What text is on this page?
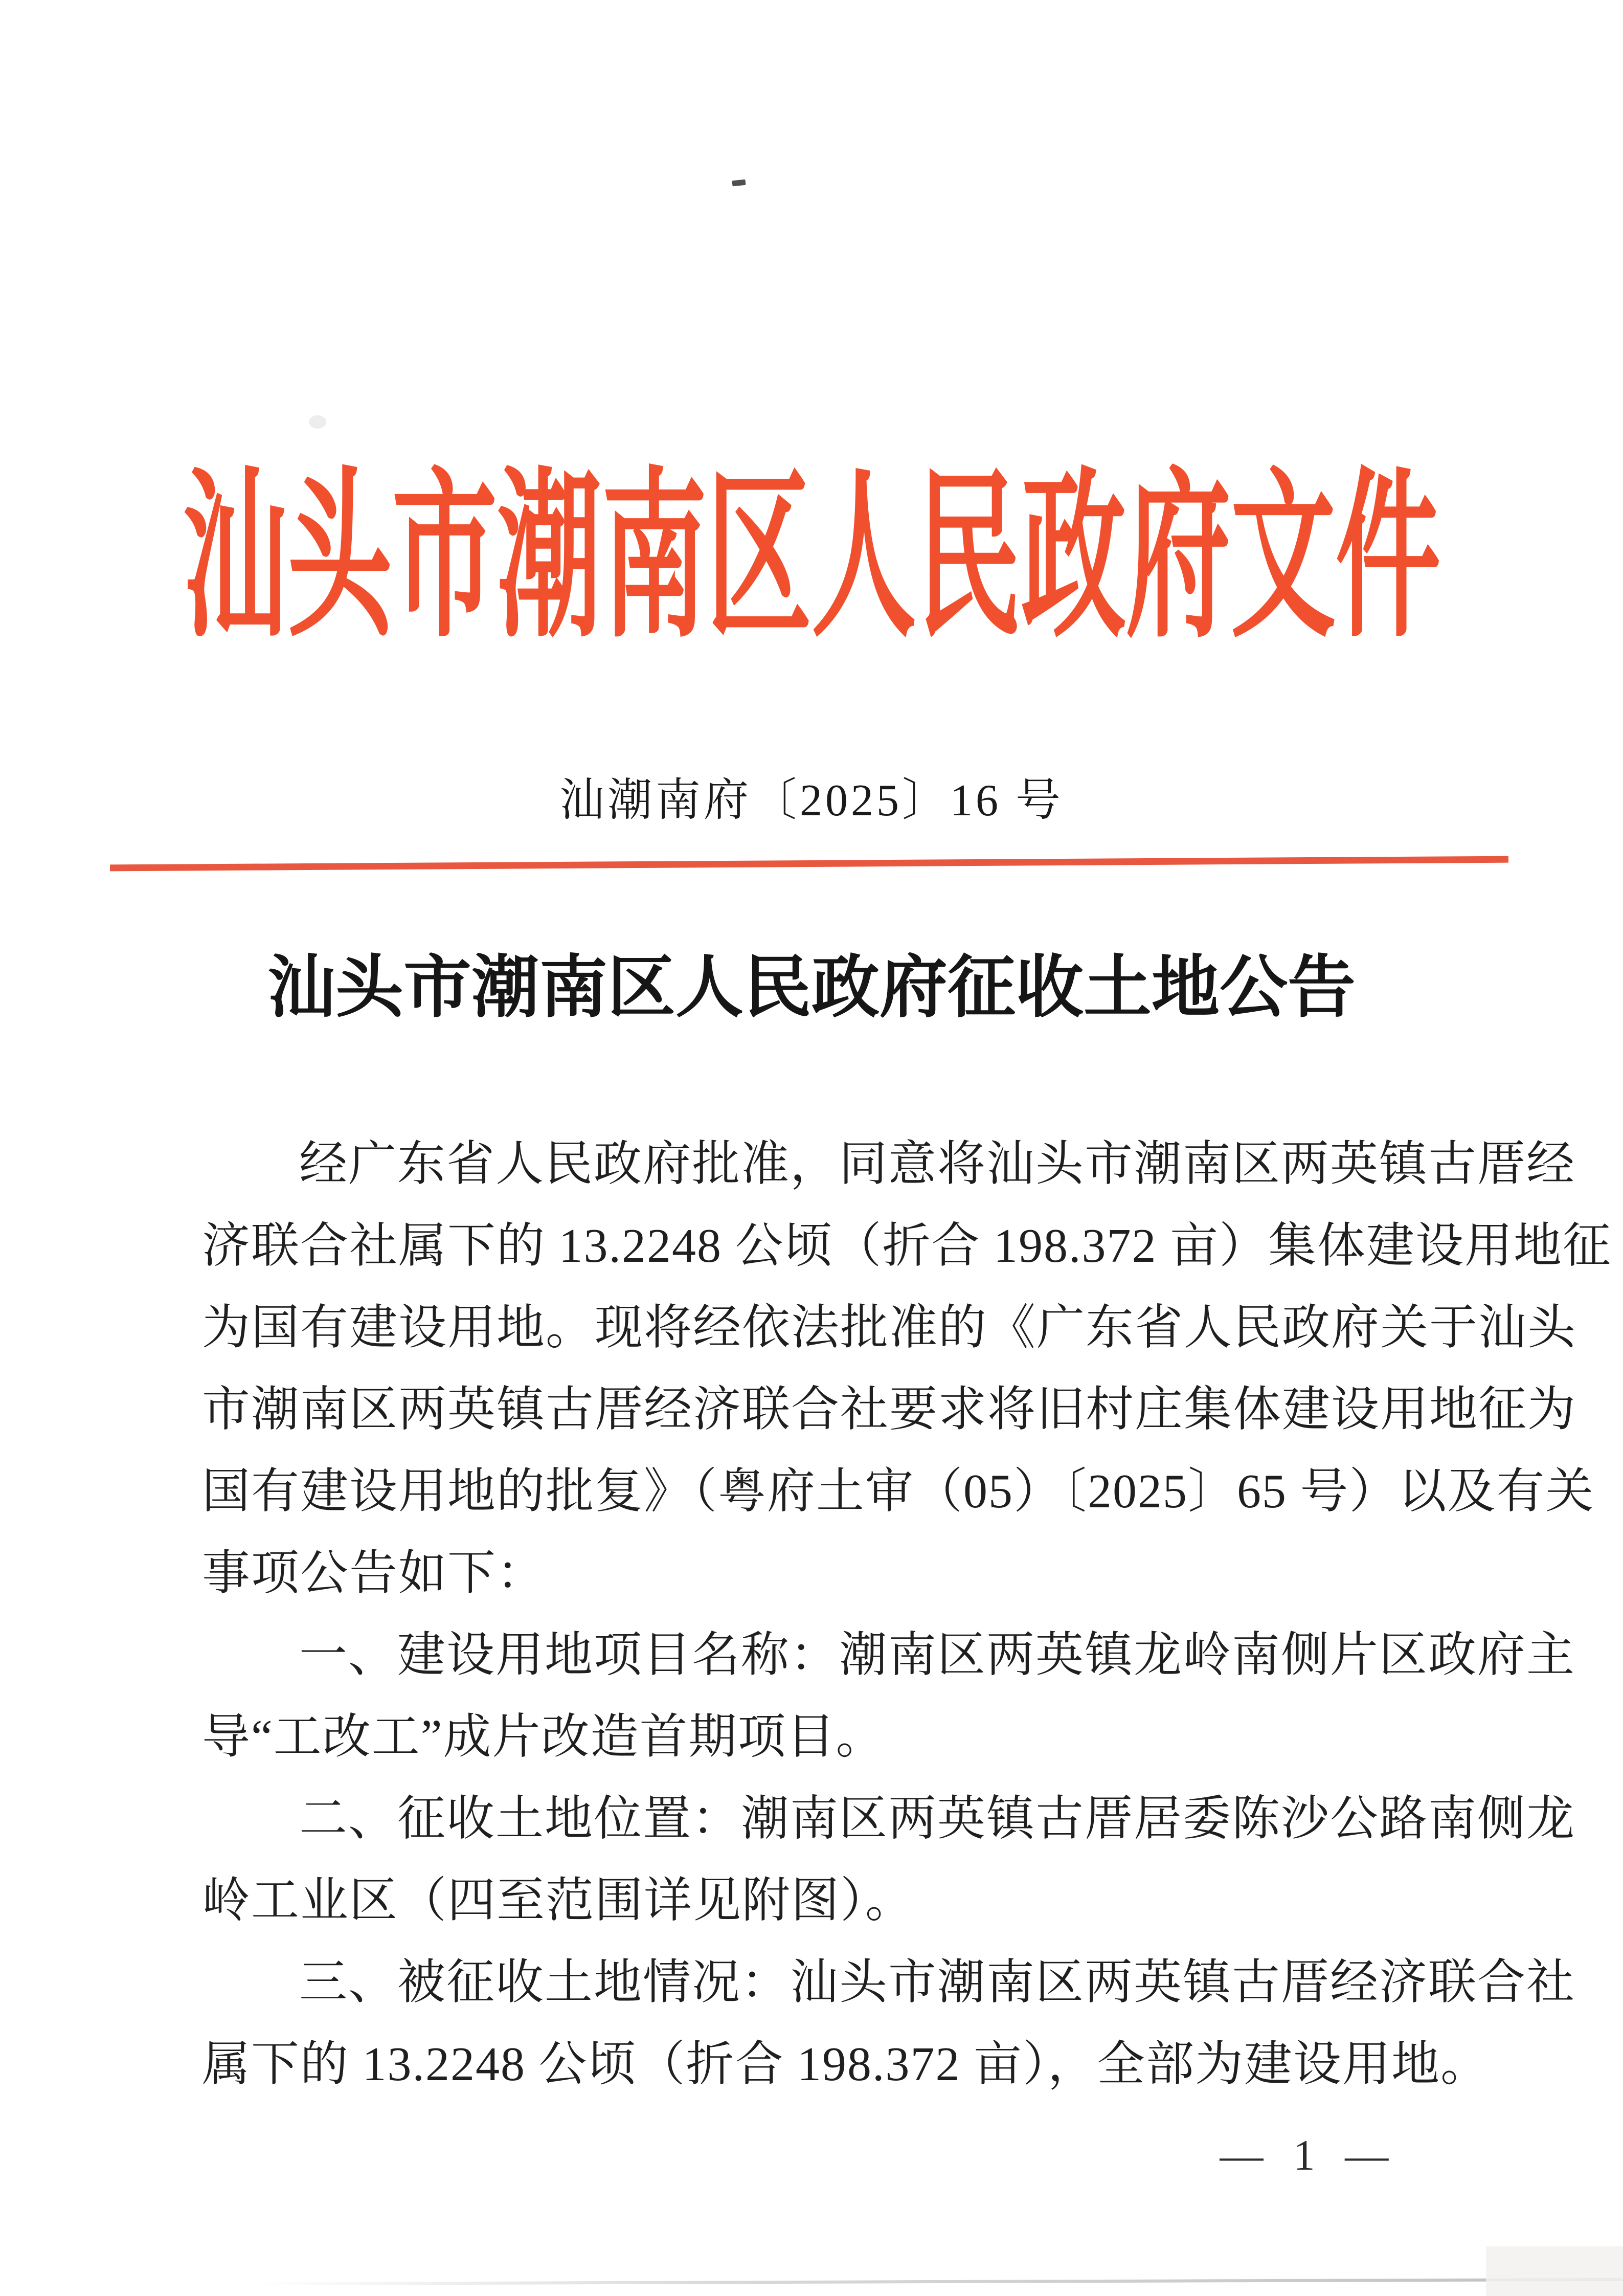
汕头市潮南区人民政府文件
汕潮南府〔2025〕16 号
汕头市潮南区人民政府征收土地公告
经广东省人民政府批准，同意将汕头市潮南区两英镇古厝经
济联合社属下的 13.2248 公顷（折合 198.372 亩）集体建设用地征
为国有建设用地。现将经依法批准的《广东省人民政府关于汕头
市潮南区两英镇古厝经济联合社要求将旧村庄集体建设用地征为
国有建设用地的批复》（粤府土审（05）〔2025〕65 号）以及有关
事项公告如下：
一、建设用地项目名称：潮南区两英镇龙岭南侧片区政府主
导“工改工”成片改造首期项目。
二、征收土地位置：潮南区两英镇古厝居委陈沙公路南侧龙
岭工业区（四至范围详见附图）。
三、被征收土地情况：汕头市潮南区两英镇古厝经济联合社
属下的 13.2248 公顷（折合 198.372 亩），全部为建设用地。
— 1 —
